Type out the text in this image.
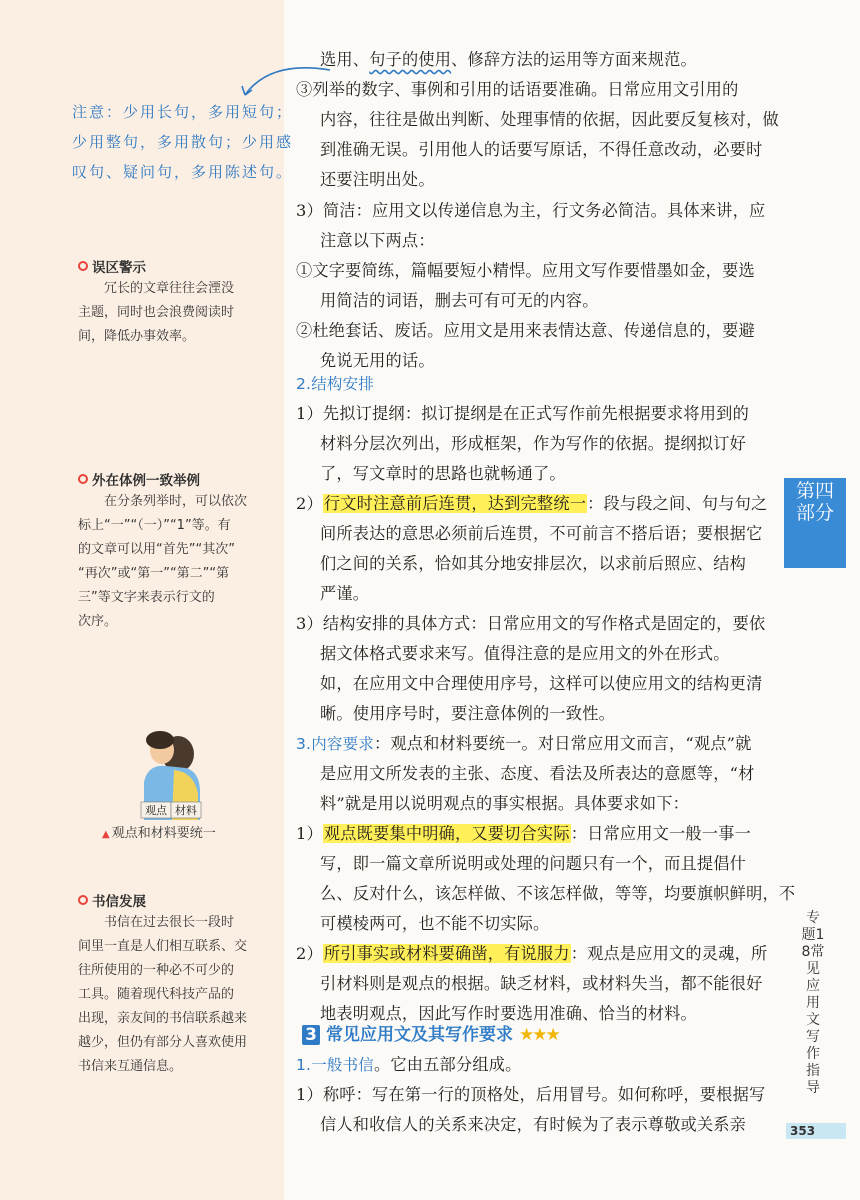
注意：少用长句，多用短句；
少用整句，多用散句；少用感
叹句、疑问句，多用陈述句。
误区警示

　　冗长的文章往往会湮没

主题，同时也会浪费阅读时

间，降低办事效率。

外在体例一致举例

　　在分条列举时，可以依次

标上“一”“（一）”“1”等。有

的文章可以用“首先”“其次”

“再次”或“第一”“第二”“第

三”等文字来表示行文的

次序。

观点 材料
▲ 观点和材料要统一
书信发展

　　书信在过去很长一段时

间里一直是人们相互联系、交

往所使用的一种必不可少的

工具。随着现代科技产品的

出现，亲友间的书信联系越来

越少，但仍有部分人喜欢使用

书信来互通信息。

选用、句子的使用、修辞方法的运用等方面来规范。
③列举的数字、事例和引用的话语要准确。日常应用文引用的
内容，往往是做出判断、处理事情的依据，因此要反复核对，做
到准确无误。引用他人的话要写原话，不得任意改动，必要时
还要注明出处。
3）简洁：应用文以传递信息为主，行文务必简洁。具体来讲，应
注意以下两点：
①文字要简练，篇幅要短小精悍。应用文写作要惜墨如金，要选
用简洁的词语，删去可有可无的内容。
②杜绝套话、废话。应用文是用来表情达意、传递信息的，要避
免说无用的话。
2.结构安排
1）先拟订提纲：拟订提纲是在正式写作前先根据要求将用到的
材料分层次列出，形成框架，作为写作的依据。提纲拟订好
了，写文章时的思路也就畅通了。
2）行文时注意前后连贯，达到完整统一：段与段之间、句与句之
间所表达的意思必须前后连贯，不可前言不搭后语；要根据它
们之间的关系，恰如其分地安排层次，以求前后照应、结构
严谨。
3）结构安排的具体方式：日常应用文的写作格式是固定的，要依
据文体格式要求来写。值得注意的是应用文的外在形式。
如，在应用文中合理使用序号，这样可以使应用文的结构更清
晰。使用序号时，要注意体例的一致性。
3.内容要求：观点和材料要统一。对日常应用文而言，“观点”就
是应用文所发表的主张、态度、看法及所表达的意愿等，“材
料”就是用以说明观点的事实根据。具体要求如下：
1）观点既要集中明确，又要切合实际：日常应用文一般一事一
写，即一篇文章所说明或处理的问题只有一个，而且提倡什
么、反对什么，该怎样做、不该怎样做，等等，均要旗帜鲜明，不
可模棱两可，也不能不切实际。
2）所引事实或材料要确凿，有说服力：观点是应用文的灵魂，所
引材料则是观点的根据。缺乏材料，或材料失当，都不能很好
地表明观点，因此写作时要选用准确、恰当的材料。
1.一般书信。它由五部分组成。
1）称呼：写在第一行的顶格处，后用冒号。如何称呼，要根据写
信人和收信人的关系来决定，有时候为了表示尊敬或关系亲
3 常见应用文及其写作要求 ★★★
第四
部分
专题18常见应用文写作指导
353
